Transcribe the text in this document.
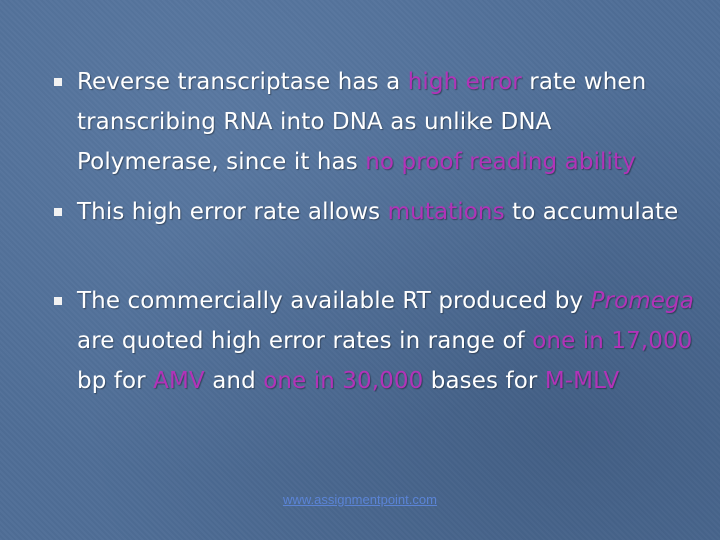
Reverse transcriptase has a high error rate when transcribing RNA into DNA as unlike DNA Polymerase, since it has no proof reading ability
This high error rate allows mutations to accumulate
The commercially available RT produced by Promega are quoted high error rates in range of one in 17,000 bp for AMV and one in 30,000 bases for M-MLV
www.assignmentpoint.com
